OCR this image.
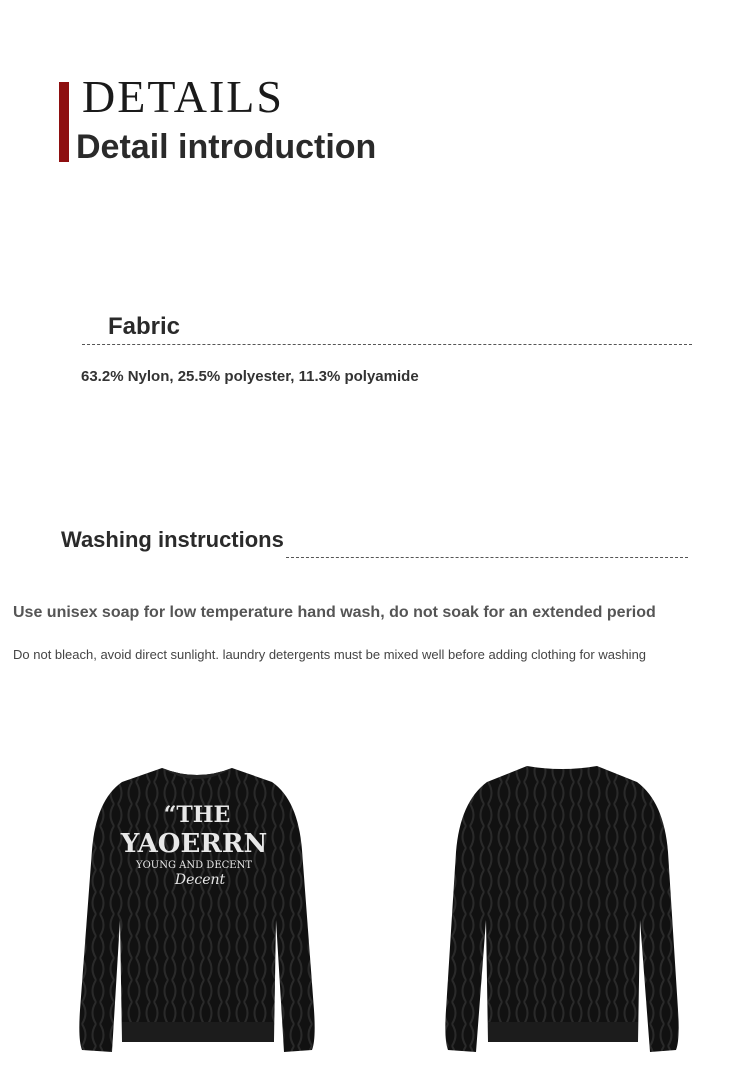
DETAILS
Detail introduction
Fabric
63.2% Nylon, 25.5% polyester, 11.3% polyamide
Washing instructions
Use unisex soap for low temperature hand wash, do not soak for an extended period
Do not bleach, avoid direct sunlight. laundry detergents must be mixed well before adding clothing for washing
“THE
YAOERRN
YOUNG AND DECENT
Decent
